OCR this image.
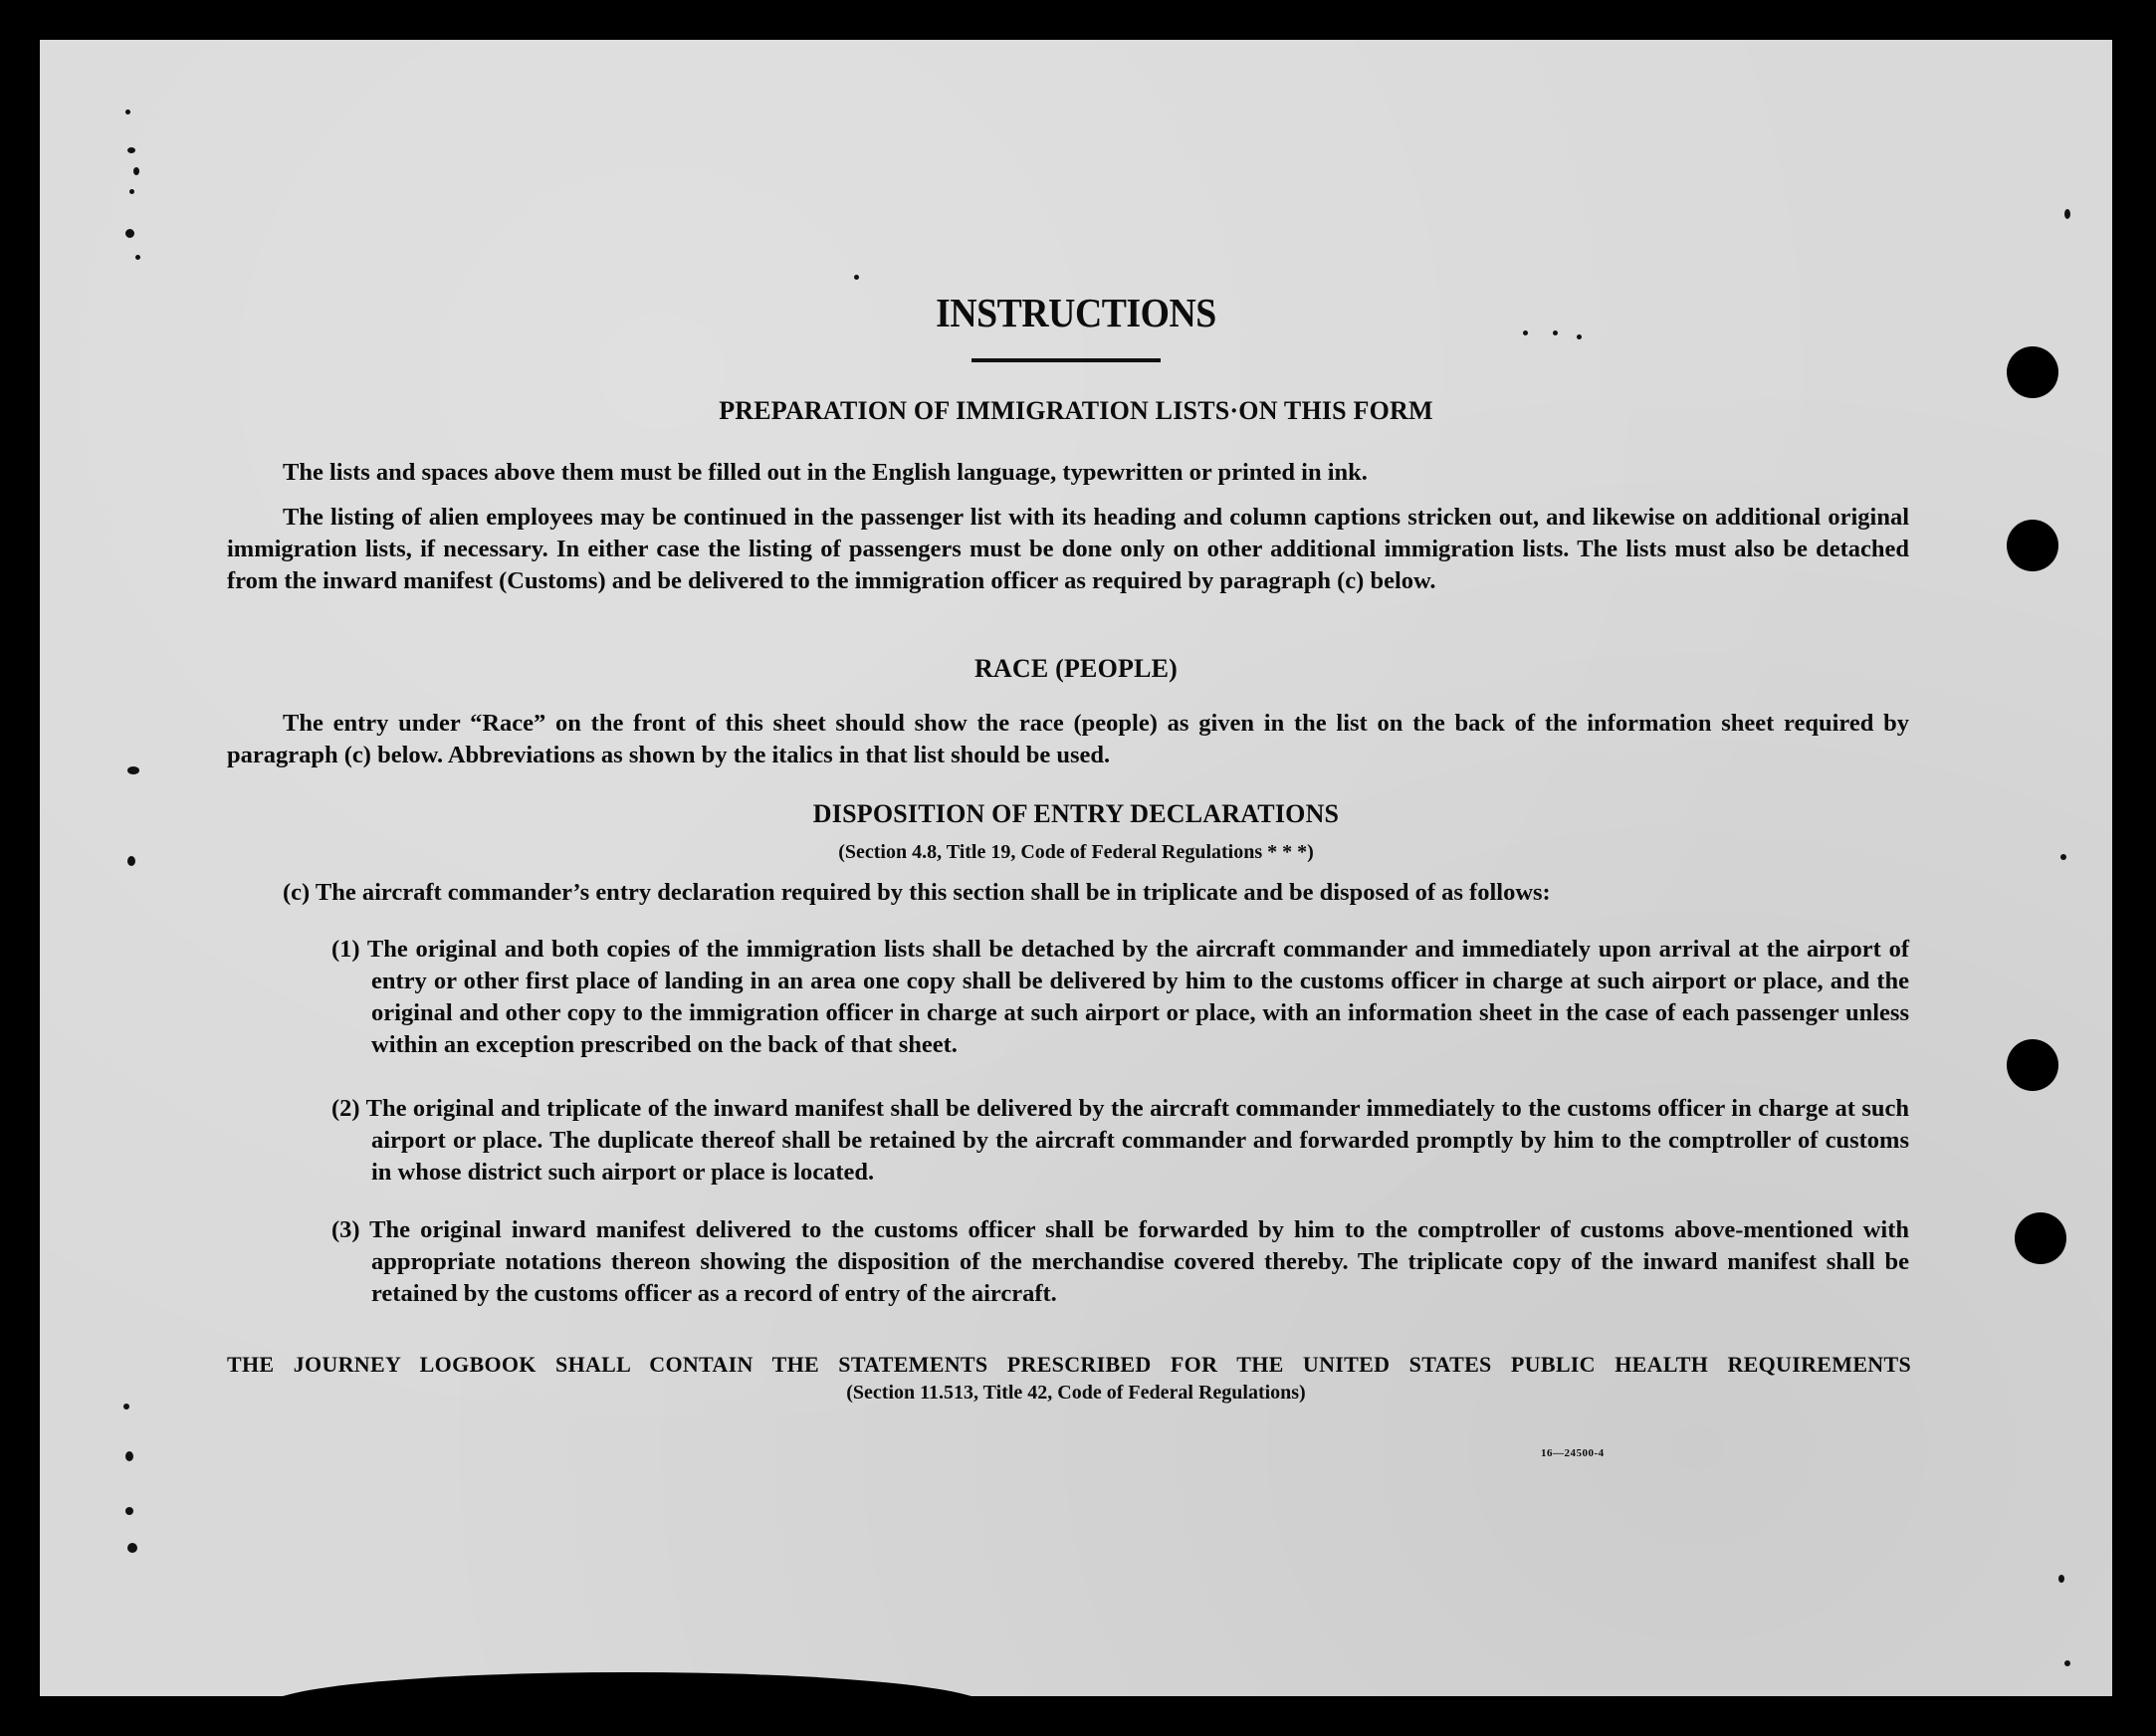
INSTRUCTIONS
PREPARATION OF IMMIGRATION LISTS·ON THIS FORM
The lists and spaces above them must be filled out in the English language, typewritten or printed in ink.
The listing of alien employees may be continued in the passenger list with its heading and column captions stricken out, and likewise on additional original immigration lists, if necessary. In either case the listing of passengers must be done only on other additional immigration lists. The lists must also be detached from the inward manifest (Customs) and be delivered to the immigration officer as required by paragraph (c) below.
RACE (PEOPLE)
The entry under “Race” on the front of this sheet should show the race (people) as given in the list on the back of the information sheet required by paragraph (c) below. Abbreviations as shown by the italics in that list should be used.
DISPOSITION OF ENTRY DECLARATIONS
(Section 4.8, Title 19, Code of Federal Regulations * * *)
(c) The aircraft commander’s entry declaration required by this section shall be in triplicate and be disposed of as follows:
(1) The original and both copies of the immigration lists shall be detached by the aircraft commander and immediately upon arrival at the airport of entry or other first place of landing in an area one copy shall be delivered by him to the customs officer in charge at such airport or place, and the original and other copy to the immigration officer in charge at such airport or place, with an information sheet in the case of each passenger unless within an exception prescribed on the back of that sheet.
(2) The original and triplicate of the inward manifest shall be delivered by the aircraft commander immediately to the customs officer in charge at such airport or place. The duplicate thereof shall be retained by the aircraft commander and forwarded promptly by him to the comptroller of customs in whose district such airport or place is located.
(3) The original inward manifest delivered to the customs officer shall be forwarded by him to the comptroller of customs above-mentioned with appropriate notations thereon showing the disposition of the merchandise covered thereby. The triplicate copy of the inward manifest shall be retained by the customs officer as a record of entry of the aircraft.
THE JOURNEY LOGBOOK SHALL CONTAIN THE STATEMENTS PRESCRIBED FOR THE UNITED STATES PUBLIC HEALTH REQUIREMENTS
(Section 11.513, Title 42, Code of Federal Regulations)
16—24500-4
